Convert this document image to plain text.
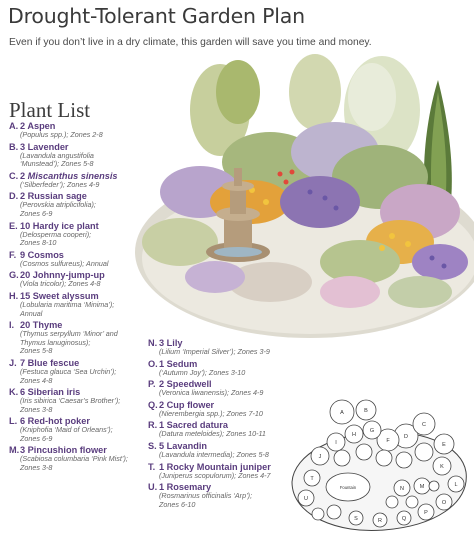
Drought-Tolerant Garden Plan
Even if you don’t live in a dry climate, this garden will save you time and money.
Plant List
A. 2 Aspen
(Populus spp.); Zones 2-8
B. 3 Lavender
(Lavandula angustifolia
‘Munstead’); Zones 5-8
C. 2 Miscanthus sinensis
(‘Silberfeder’); Zones 4-9
D. 2 Russian sage
(Perovskia atriplicifolia);
Zones 6-9
E. 10 Hardy ice plant
(Delosperma cooperi);
Zones 8-10
F. 9 Cosmos
(Cosmos sulfureus); Annual
G. 20 Johnny-jump-up
(Viola tricolor); Zones 4-8
H. 15 Sweet alyssum
(Lobularia maritima ‘Minima’);
Annual
I. 20 Thyme
(Thymus serpyllum ‘Minor’ and
Thymus lanuginosus);
Zones 5-8
J. 7 Blue fescue
(Festuca glauca ‘Sea Urchin’);
Zones 4-8
K. 6 Siberian iris
(Iris sibirica ‘Caesar’s Brother’);
Zones 3-8
L. 6 Red-hot poker
(Kniphofia ‘Maid of Orleans’);
Zones 6-9
M. 3 Pincushion flower
(Scabiosa columbaria ‘Pink Mist’);
Zones 3-8
N. 3 Lily
(Lilium ‘Imperial Silver’); Zones 3-9
O. 1 Sedum
(‘Autumn Joy’); Zones 3-10
P. 2 Speedwell
(Veronica liwanensis); Zones 4-9
Q. 2 Cup flower
(Nierembergia spp.); Zones 7-10
R. 1 Sacred datura
(Datura meteloides); Zones 10-11
S. 5 Lavandin
(Lavandula intermedia); Zones 5-8
T. 1 Rocky Mountain juniper
(Juniperus scopulorum); Zones 4-7
U. 1 Rosemary
(Rosmarinus officinalis ‘Arp’);
Zones 6-10
Fountain
A	B
C
D
E
F
G
H
I
J
K
L
M
N
O
P
Q
R
S
T
U
